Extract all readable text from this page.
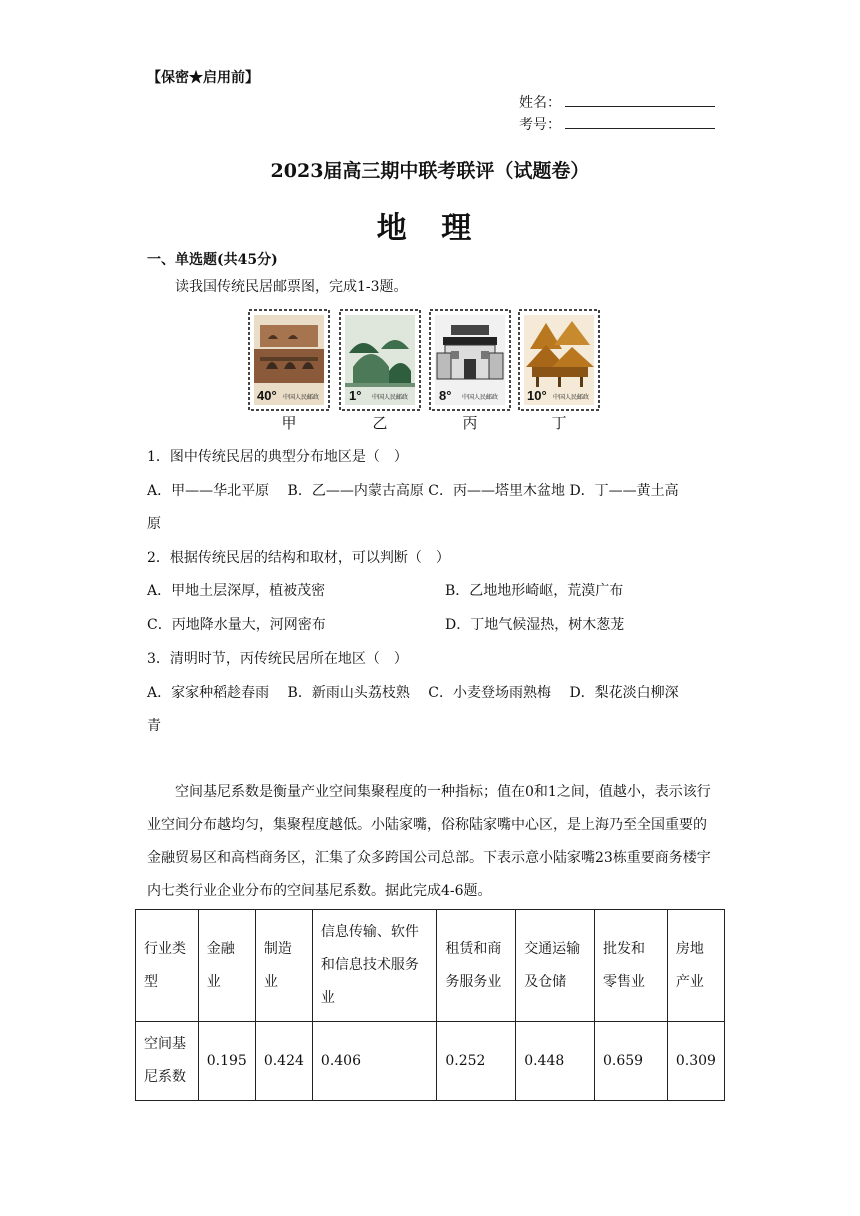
【保密★启用前】
姓名：
考号：
2023届高三期中联考联评（试题卷）
地 理
一、单选题(共45分)
读我国传统民居邮票图，完成1-3题。
40° 中国人民邮政 1° 中国人民邮政 8° 中国人民邮政 10° 中国人民邮政
甲	乙	丙	丁
1．图中传统民居的典型分布地区是（　）
A．甲——华北平原　 B．乙——内蒙古高原 C．丙——塔里木盆地 D．丁——黄土高
原
2．根据传统民居的结构和取材，可以判断（　）
A．甲地土层深厚，植被茂密	B．乙地地形崎岖，荒漠广布
C．丙地降水量大，河网密布	D．丁地气候湿热，树木葱茏
3．清明时节，丙传统民居所在地区（　）
A．家家种稻趁春雨　 B．新雨山头荔枝熟　 C．小麦登场雨熟梅　 D．梨花淡白柳深
青
空间基尼系数是衡量产业空间集聚程度的一种指标；值在0和1之间，值越小，表示该行业空间分布越均匀，集聚程度越低。小陆家嘴，俗称陆家嘴中心区，是上海乃至全国重要的金融贸易区和高档商务区，汇集了众多跨国公司总部。下表示意小陆家嘴23栋重要商务楼宇内七类行业企业分布的空间基尼系数。据此完成4-6题。
行业类型	金融业	制造业	信息传输、软件和信息技术服务业	租赁和商务服务业	交通运输及仓储	批发和零售业	房地产业
空间基尼系数	0.195	0.424	0.406	0.252	0.448	0.659	0.309
